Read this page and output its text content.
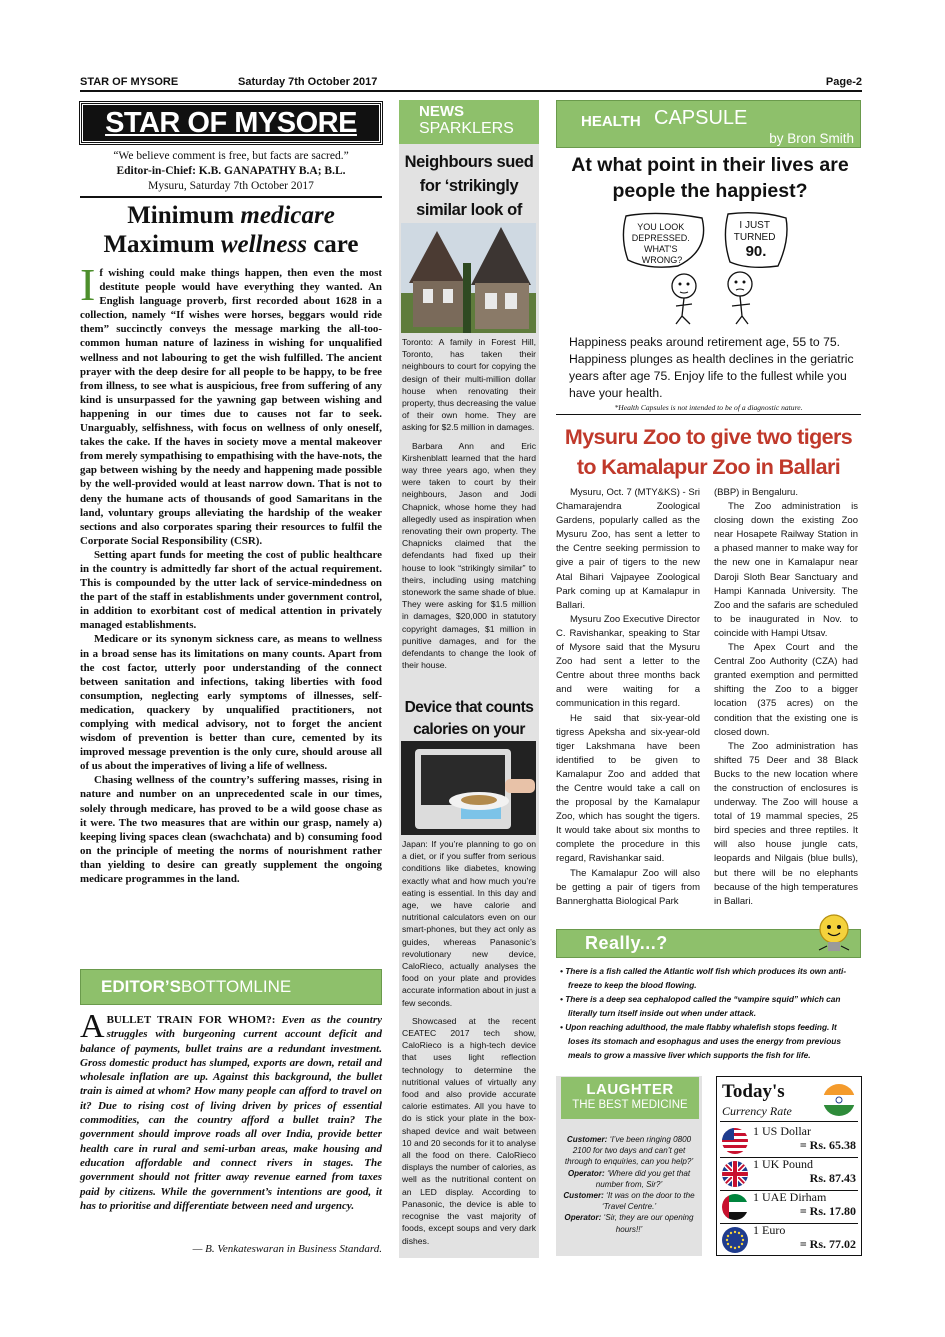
STAR OF MYSORE	Saturday 7th October 2017	Page-2
STAR OF MYSORE
“We believe comment is free, but facts are sacred.”
Editor-in-Chief: K.B. GANAPATHY B.A; B.L.
Mysuru, Saturday 7th October 2017
Minimum medicare
Maximum wellness care

If wishing could make things happen, then even the most destitute people would have everything they wanted. An English language proverb, first recorded about 1628 in a collection, namely “If wishes were horses, beggars would ride them” succinctly conveys the message marking the all-too-common human nature of laziness in wishing for unqualified wellness and not labouring to get the wish fulfilled. The ancient prayer with the deep desire for all people to be happy, to be free from illness, to see what is auspicious, free from suffering of any kind is unsurpassed for the yawning gap between wishing and happening in our times due to causes not far to seek. Unarguably, selfishness, with focus on wellness of only oneself, takes the cake. If the haves in society move a mental makeover from merely sympathising to empathising with the have-nots, the gap between wishing by the needy and happening made possible by the well-provided would at least narrow down. That is not to deny the humane acts of thousands of good Samaritans in the land, voluntary groups alleviating the hardship of the weaker sections and also corporates sparing their resources to fulfil the Corporate Social Responsibility (CSR).

Setting apart funds for meeting the cost of public healthcare in the country is admittedly far short of the actual requirement. This is compounded by the utter lack of service-mindedness on the part of the staff in establishments under government control, in addition to exorbitant cost of medical attention in privately managed establishments.

Medicare or its synonym sickness care, as means to wellness in a broad sense has its limitations on many counts. Apart from the cost factor, utterly poor understanding of the connect between sanitation and infections, taking liberties with food consumption, neglecting early symptoms of illnesses, self-medication, quackery by unqualified practitioners, not complying with medical advisory, not to forget the ancient wisdom of prevention is better than cure, cemented by its improved message prevention is the only cure, should arouse all of us about the imperatives of living a life of wellness.

Chasing wellness of the country’s suffering masses, rising in nature and number on an unprecedented scale in our times, solely through medicare, has proved to be a wild goose chase as it were. The two measures that are within our grasp, namely a) keeping living spaces clean (swachchata) and b) consuming food on the principle of meeting the norms of nourishment rather than yielding to desire can greatly supplement the ongoing medicare programmes in the land.

EDITOR’S BOTTOMLINE
A BULLET TRAIN FOR WHOM?: Even as the country struggles with burgeoning current account deficit and balance of payments, bullet trains are a redundant investment. Gross domestic product has slumped, exports are down, retail and wholesale inflation are up. Against this background, the bullet train is aimed at whom? How many people can afford to travel on it? Due to rising cost of living driven by prices of essential commodities, can the country afford a bullet train? The government should improve roads all over India, provide better health care in rural and semi-urban areas, make housing and education affordable and connect rivers in stages. The government should not fritter away revenue earned from taxes paid by citizens. While the government’s intentions are good, it has to prioritise and differentiate between need and urgency.
— B. Venkateswaran in Business Standard.
NEWS
SPARKLERS
Neighbours sued for ‘strikingly similar look of

Toronto: A family in Forest Hill, Toronto, has taken their neighbours to court for copying the design of their multi-million dollar house when renovating their property, thus decreasing the value of their own home. They are asking for $2.5 million in damages.

Barbara Ann and Eric Kirshenblatt learned that the hard way three years ago, when they were taken to court by their neighbours, Jason and Jodi Chapnick, whose home they had allegedly used as inspiration when renovating their own property. The Chapnicks claimed that the defendants had fixed up their house to look “strikingly similar” to theirs, including using matching stonework the same shade of blue. They were asking for $1.5 million in damages, $20,000 in statutory copyright damages, $1 million in punitive damages, and for the defendants to change the look of their house.

Device that counts calories on your

Japan: If you’re planning to go on a diet, or if you suffer from serious conditions like diabetes, knowing exactly what and how much you’re eating is essential. In this day and age, we have calorie and nutritional calculators even on our smart-phones, but they act only as guides, whereas Panasonic’s revolutionary new device, CaloRieco, actually analyses the food on your plate and provides accurate information about in just a few seconds.

Showcased at the recent CEATEC 2017 tech show, CaloRieco is a high-tech device that uses light reflection technology to determine the nutritional values of virtually any food and also provide accurate calorie estimates. All you have to do is stick your plate in the box-shaped device and wait between 10 and 20 seconds for it to analyse all the food on there. CaloRieco displays the number of calories, as well as the nutritional content on an LED display. According to Panasonic, the device is able to recognise the vast majority of foods, except soups and very dark dishes.

HEALTH CAPSULE
by Bron Smith
At what point in their lives are people the happiest?
YOU LOOK DEPRESSED. WHAT'S WRONG?
I JUST TURNED 90.
Happiness peaks around retirement age, 55 to 75. Happiness plunges as health declines in the geriatric years after age 75. Enjoy life to the fullest while you have your health.
*Health Capsules is not intended to be of a diagnostic nature.
Mysuru Zoo to give two tigers to Kamalapur Zoo in Ballari

Mysuru, Oct. 7 (MTY&KS) - Sri Chamarajendra Zoological Gardens, popularly called as the Mysuru Zoo, has sent a letter to the Centre seeking permission to give a pair of tigers to the new Atal Bihari Vajpayee Zoological Park coming up at Kamalapur in Ballari.

Mysuru Zoo Executive Director C. Ravishankar, speaking to Star of Mysore said that the Mysuru Zoo had sent a letter to the Centre about three months back and were waiting for a communication in this regard.

He said that six-year-old tigress Apeksha and six-year-old tiger Lakshmana have been identified to be given to Kamalapur Zoo and added that the Centre would take a call on the proposal by the Kamalapur Zoo, which has sought the tigers. It would take about six months to complete the procedure in this regard, Ravishankar said.

The Kamalapur Zoo will also be getting a pair of tigers from Bannerghatta Biological Park

(BBP) in Bengaluru.

The Zoo administration is closing down the existing Zoo near Hosapete Railway Station in a phased manner to make way for the new one in Kamalapur near Daroji Sloth Bear Sanctuary and Hampi Kannada University. The Zoo and the safaris are scheduled to be inaugurated in Nov. to coincide with Hampi Utsav.

The Apex Court and the Central Zoo Authority (CZA) had granted exemption and permitted shifting the Zoo to a bigger location (375 acres) on the condition that the existing one is closed down.

The Zoo administration has shifted 75 Deer and 38 Black Bucks to the new location where the construction of enclosures is underway. The Zoo will house a total of 19 mammal species, 25 bird species and three reptiles. It will also house jungle cats, leopards and Nilgais (blue bulls), but there will be no elephants because of the high temperatures in Ballari.

Really...?
• There is a fish called the Atlantic wolf fish which produces its own anti-freeze to keep the blood flowing.
• There is a deep sea cephalopod called the “vampire squid” which can literally turn itself inside out when under attack.
• Upon reaching adulthood, the male flabby whalefish stops feeding. It loses its stomach and esophagus and uses the energy from previous meals to grow a massive liver which supports the fish for life.
LAUGHTER
THE BEST MEDICINE
Customer: ‘I’ve been ringing 0800 2100 for two days and can’t get through to enquiries, can you help?’
Operator: ‘Where did you get that number from, Sir?’
Customer: ‘It was on the door to the ‘Travel Centre.’
Operator: ‘Sir, they are our opening hours!!’
Today's
Currency Rate
1 US Dollar
= Rs. 65.38
1 UK Pound
Rs. 87.43
1 UAE Dirham
= Rs. 17.80
1 Euro
= Rs. 77.02
